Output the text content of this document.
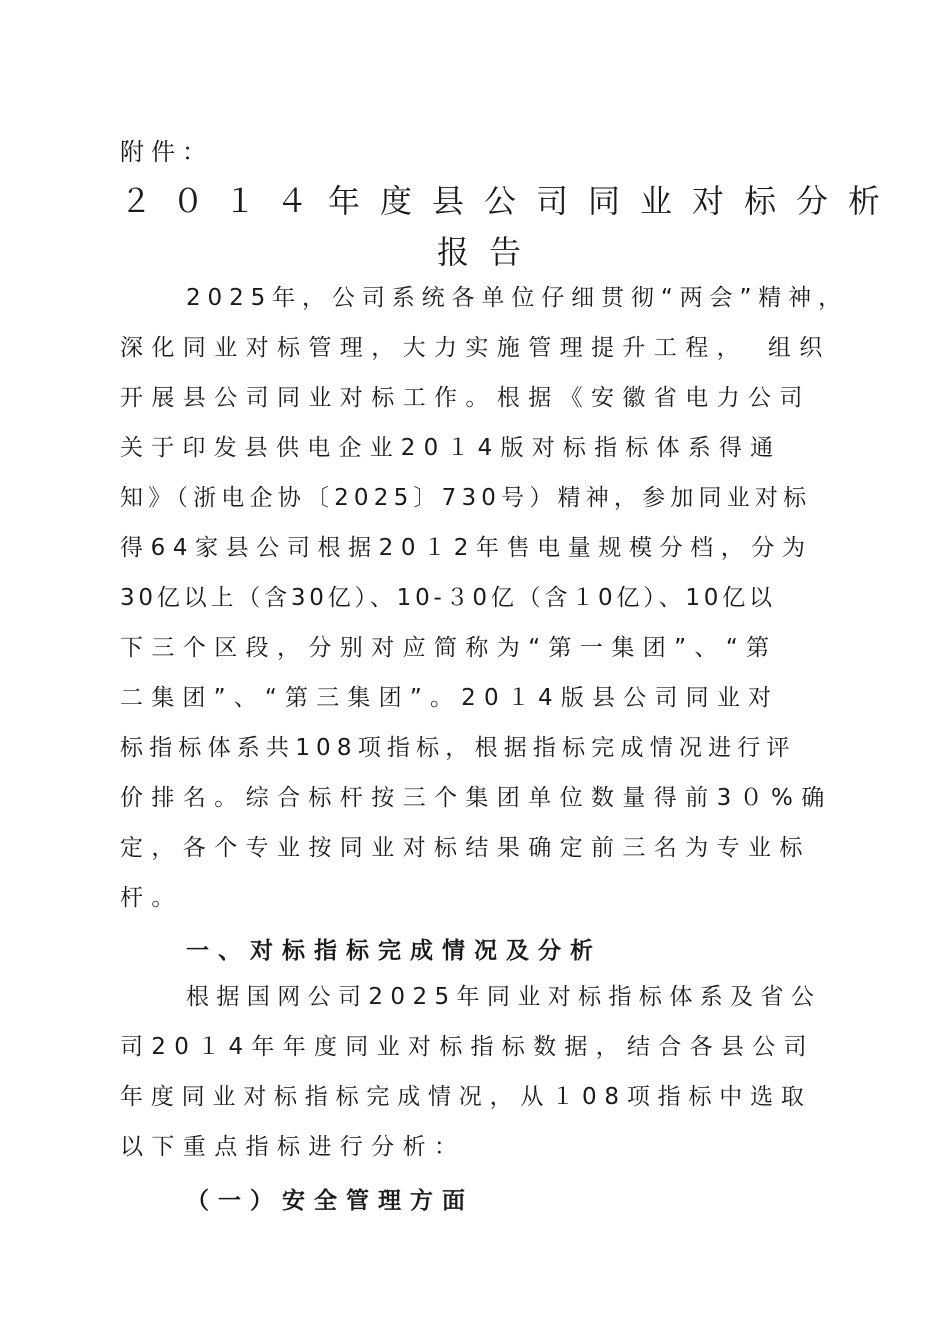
附件：
２０１４年度县公司同业对标分析
报告
2025年，公司系统各单位仔细贯彻“两会”精神，
深化同业对标管理，大力实施管理提升工程，　组织
开展县公司同业对标工作。根据《安徽省电力公司
关于印发县供电企业20１4版对标指标体系得通
知》（浙电企协〔2025〕730号）精神，参加同业对标
得64家县公司根据20１2年售电量规模分档，分为
30亿以上（含30亿）、10-３0亿（含１0亿）、10亿以
下三个区段，分别对应简称为“第一集团”、“第
二集团”、“第三集团”。20１4版县公司同业对
标指标体系共108项指标，根据指标完成情况进行评
价排名。综合标杆按三个集团单位数量得前3０%确
定，各个专业按同业对标结果确定前三名为专业标
杆。
一、对标指标完成情况及分析
根据国网公司2025年同业对标指标体系及省公
司20１4年年度同业对标指标数据，结合各县公司
年度同业对标指标完成情况，从１08项指标中选取
以下重点指标进行分析：
（一）安全管理方面
